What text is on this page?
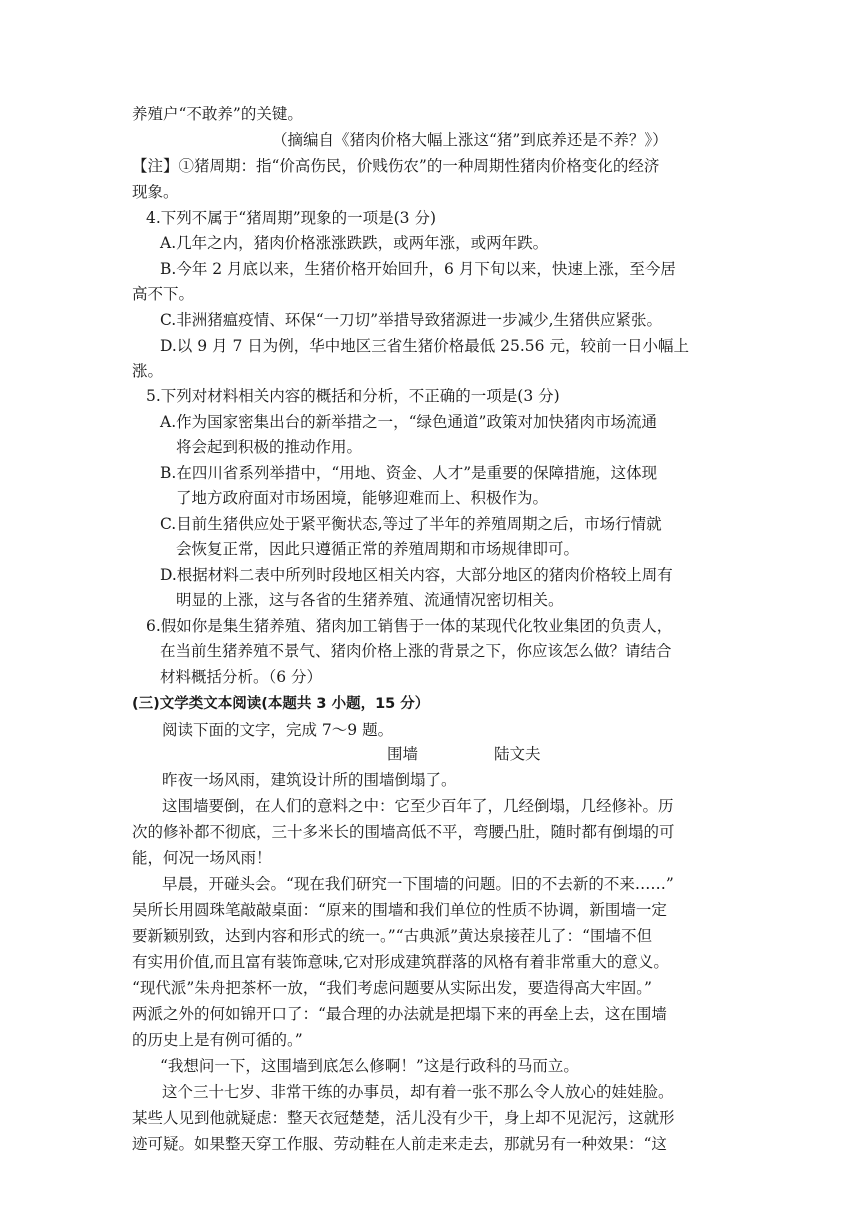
养殖户“不敢养”的关键。
（摘编自《猪肉价格大幅上涨这“猪”到底养还是不养？》）
【注】①猪周期：指“价高伤民，价贱伤农”的一种周期性猪肉价格变化的经济
现象。
4.下列不属于“猪周期”现象的一项是(3 分)
A.几年之内，猪肉价格涨涨跌跌，或两年涨，或两年跌。
B.今年 2 月底以来，生猪价格开始回升，6 月下旬以来，快速上涨，至今居
高不下。
C.非洲猪瘟疫情、环保“一刀切”举措导致猪源进一步减少,生猪供应紧张。
D.以 9 月 7 日为例，华中地区三省生猪价格最低 25.56 元，较前一日小幅上
涨。
5.下列对材料相关内容的概括和分析，不正确的一项是(3 分)
A.作为国家密集出台的新举措之一，“绿色通道”政策对加快猪肉市场流通
将会起到积极的推动作用。
B.在四川省系列举措中，“用地、资金、人才”是重要的保障措施，这体现
了地方政府面对市场困境，能够迎难而上、积极作为。
C.目前生猪供应处于紧平衡状态,等过了半年的养殖周期之后，市场行情就
会恢复正常，因此只遵循正常的养殖周期和市场规律即可。
D.根据材料二表中所列时段地区相关内容，大部分地区的猪肉价格较上周有
明显的上涨，这与各省的生猪养殖、流通情况密切相关。
6.假如你是集生猪养殖、猪肉加工销售于一体的某现代化牧业集团的负责人，
在当前生猪养殖不景气、猪肉价格上涨的背景之下，你应该怎么做？请结合
材料概括分析。（6 分）
(三)文学类文本阅读(本题共 3 小题，15 分）
阅读下面的文字，完成 7～9 题。
围墙	陆文夫
昨夜一场风雨，建筑设计所的围墙倒塌了。
这围墙要倒，在人们的意料之中：它至少百年了，几经倒塌，几经修补。历
次的修补都不彻底，三十多米长的围墙高低不平，弯腰凸肚，随时都有倒塌的可
能，何况一场风雨！
早晨，开碰头会。“现在我们研究一下围墙的问题。旧的不去新的不来……”
吴所长用圆珠笔敲敲桌面：“原来的围墙和我们单位的性质不协调，新围墙一定
要新颖别致，达到内容和形式的统一。”“古典派”黄达泉接茬儿了：“围墙不但
有实用价值,而且富有装饰意味,它对形成建筑群落的风格有着非常重大的意义。
“现代派”朱舟把茶杯一放，“我们考虑问题要从实际出发，要造得高大牢固。”
两派之外的何如锦开口了：“最合理的办法就是把塌下来的再垒上去，这在围墙
的历史上是有例可循的。”
“我想问一下，这围墙到底怎么修啊！”这是行政科的马而立。
这个三十七岁、非常干练的办事员，却有着一张不那么令人放心的娃娃脸。
某些人见到他就疑虑：整天衣冠楚楚，活儿没有少干，身上却不见泥污，这就形
迹可疑。如果整天穿工作服、劳动鞋在人前走来走去，那就另有一种效果：“这
